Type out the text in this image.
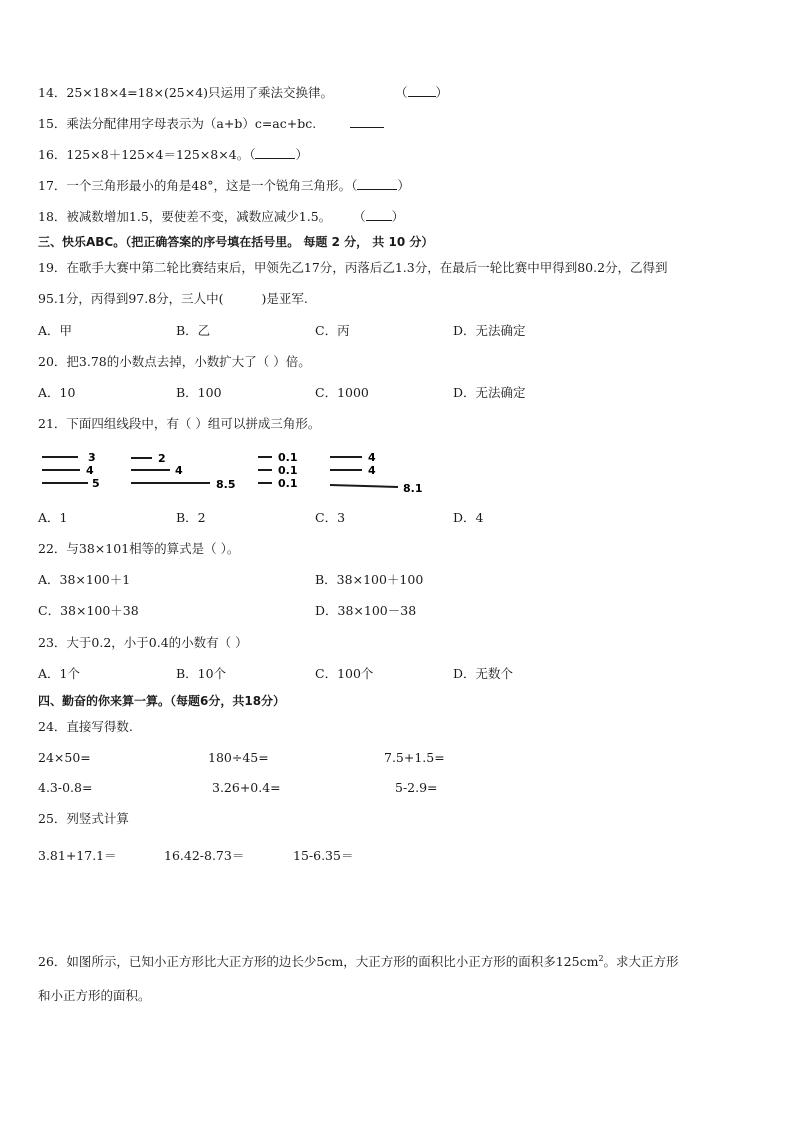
14．25×18×4=18×(25×4)只运用了乘法交换律。	（ ）
15．乘法分配律用字母表示为（a+b）c=ac+bc.
16．125×8＋125×4＝125×8×4。（	）
17．一个三角形最小的角是48°，这是一个锐角三角形。（	）
18．被减数增加1.5，要使差不变，减数应减少1.5。 （ ）
三、快乐ABC。（把正确答案的序号填在括号里。 每题 2 分， 共 10 分）
19．在歌手大赛中第二轮比赛结束后，甲领先乙17分，丙落后乙1.3分，在最后一轮比赛中甲得到80.2分，乙得到
95.1分，丙得到97.8分，三人中(	)是亚军.
A．甲	B．乙	C．丙	D．无法确定
20．把3.78的小数点去掉，小数扩大了（ ）倍。
A．10	B．100	C．1000	D．无法确定
21．下面四组线段中，有（ ）组可以拼成三角形。
3
4
5
2
4
8.5
0.1
0.1
0.1
4
4
8.1
A．1	B．2	C．3	D．4
22．与38×101相等的算式是（ ）。
A．38×100＋1	B．38×100＋100
C．38×100＋38	D．38×100－38
23．大于0.2，小于0.4的小数有（ ）
A．1个	B．10个	C．100个	D．无数个
四、勤奋的你来算一算。（每题6分，共18分）
24．直接写得数.
24×50=	180÷45=	7.5+1.5=
4.3-0.8=	3.26+0.4=	5-2.9=
25．列竖式计算
3.81+17.1＝	16.42-8.73＝	15-6.35＝
26．如图所示，已知小正方形比大正方形的边长少5cm，大正方形的面积比小正方形的面积多$125cm^2$。求大正方形
和小正方形的面积。
